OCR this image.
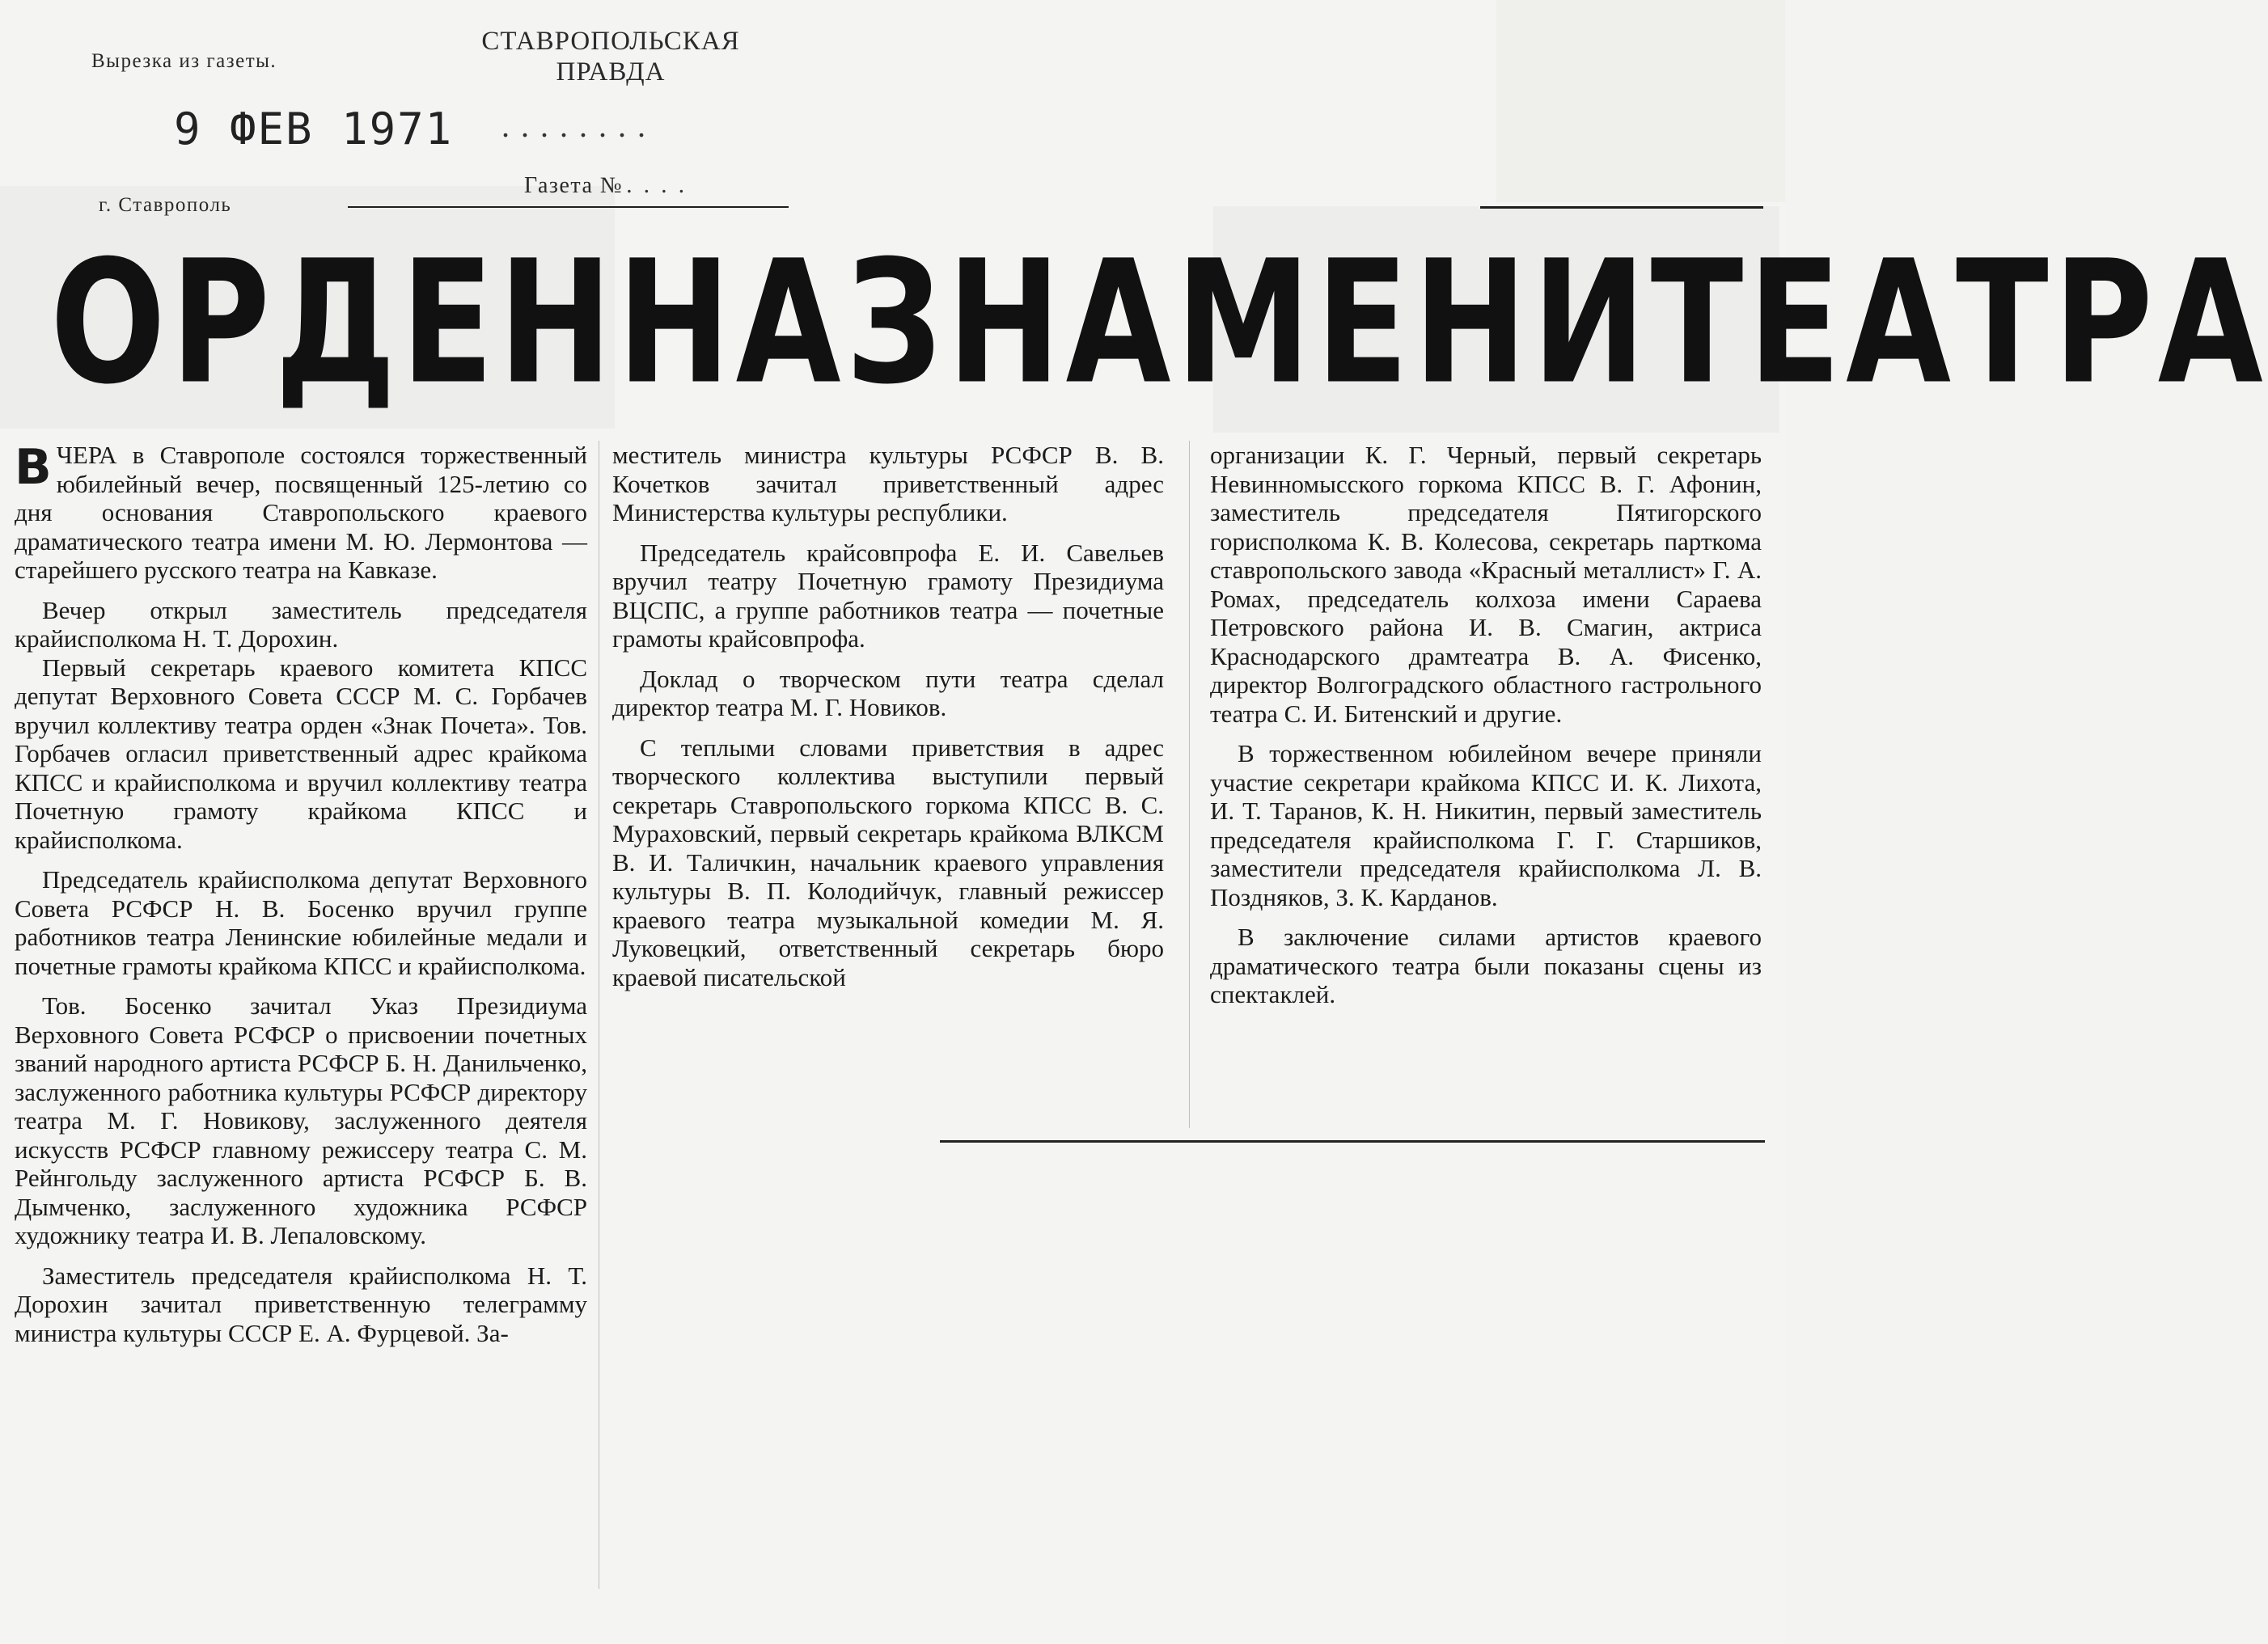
Вырезка из газеты.
СТАВРОПОЛЬСКАЯ
ПРАВДА
9 ФЕВ 1971 ........
г. Ставрополь
Газета № ....
ОРДЕН НА ЗНАМЕНИ ТЕАТРА

ВЧЕРА в Ставрополе состоялся торжественный юбилейный вечер, посвященный 125-летию со дня основания Ставропольского краевого драматического театра имени М. Ю. Лермонтова — старейшего русского театра на Кавказе.

Вечер открыл заместитель председателя крайисполкома Н. Т. Дорохин.

Первый секретарь краевого комитета КПСС депутат Верховного Совета СССР М. С. Горбачев вручил коллективу театра орден «Знак Почета». Тов. Горбачев огласил приветственный адрес крайкома КПСС и крайисполкома и вручил коллективу театра Почетную грамоту крайкома КПСС и крайисполкома.

Председатель крайисполкома депутат Верховного Совета РСФСР Н. В. Босенко вручил группе работников театра Ленинские юбилейные медали и почетные грамоты крайкома КПСС и крайисполкома.

Тов. Босенко зачитал Указ Президиума Верховного Совета РСФСР о присвоении почетных званий народного артиста РСФСР Б. Н. Данильченко, заслуженного работника культуры РСФСР директору театра М. Г. Новикову, заслуженного деятеля искусств РСФСР главному режиссеру театра С. М. Рейнгольду заслуженного артиста РСФСР Б. В. Дымченко, заслуженного художника РСФСР художнику театра И. В. Лепаловскому.

Заместитель председателя крайисполкома Н. Т. Дорохин зачитал приветственную телеграмму министра культуры СССР Е. А. Фурцевой. За-

меститель министра культуры РСФСР В. В. Кочетков зачитал приветственный адрес Министерства культуры республики.

Председатель крайсовпрофа Е. И. Савельев вручил театру Почетную грамоту Президиума ВЦСПС, а группе работников театра — почетные грамоты крайсовпрофа.

Доклад о творческом пути театра сделал директор театра М. Г. Новиков.

С теплыми словами приветствия в адрес творческого коллектива выступили первый секретарь Ставропольского горкома КПСС В. С. Мураховский, первый секретарь крайкома ВЛКСМ В. И. Таличкин, начальник краевого управления культуры В. П. Колодийчук, главный режиссер краевого театра музыкальной комедии М. Я. Луковецкий, ответственный секретарь бюро краевой писательской

организации К. Г. Черный, первый секретарь Невинномысского горкома КПСС В. Г. Афонин, заместитель председателя Пятигорского горисполкома К. В. Колесова, секретарь парткома ставропольского завода «Красный металлист» Г. А. Ромах, председатель колхоза имени Сараева Петровского района И. В. Смагин, актриса Краснодарского драмтеатра В. А. Фисенко, директор Волгоградского областного гастрольного театра С. И. Битенский и другие.

В торжественном юбилейном вечере приняли участие секретари крайкома КПСС И. К. Лихота, И. Т. Таранов, К. Н. Никитин, первый заместитель председателя крайисполкома Г. Г. Старшиков, заместители председателя крайисполкома Л. В. Поздняков, З. К. Карданов.

В заключение силами артистов краевого драматического театра были показаны сцены из спектаклей.
